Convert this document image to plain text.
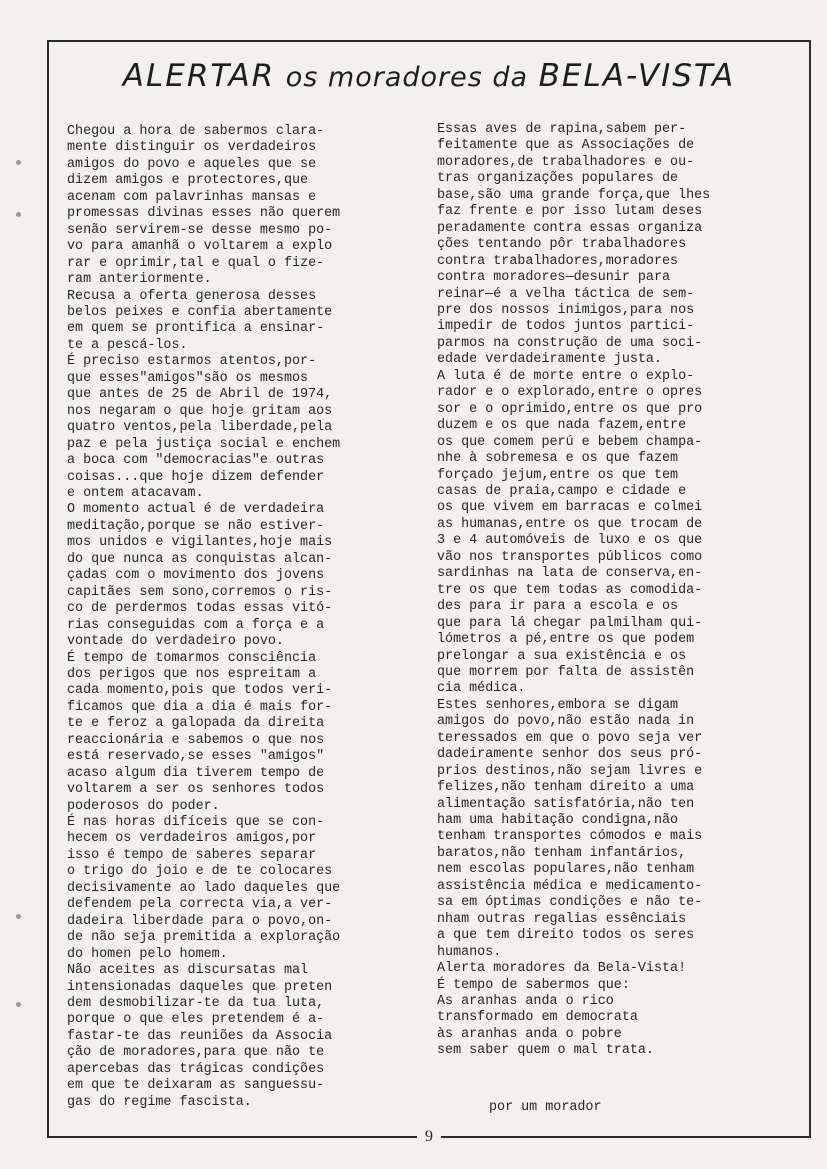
ALERTAR os moradores da BELA-VISTA

Chegou a hora de sabermos clara-

mente distinguir os verdadeiros

amigos do povo e aqueles que se

dizem amigos e protectores,que

acenam com palavrinhas mansas e

promessas divinas esses não querem

senão servirem-se desse mesmo po-

vo para amanhã o voltarem a explo

rar e oprimir,tal e qual o fize-

ram anteriormente.

Recusa a oferta generosa desses

belos peixes e confia abertamente

em quem se prontifica a ensinar-

te a pescá-los.

É preciso estarmos atentos,por-

que esses"amigos"são os mesmos

que antes de 25 de Abril de 1974,

nos negaram o que hoje gritam aos

quatro ventos,pela liberdade,pela

paz e pela justiça social e enchem

a boca com "democracias"e outras

coisas...que hoje dizem defender

e ontem atacavam.

O momento actual é de verdadeira

meditação,porque se não estiver-

mos unidos e vigilantes,hoje mais

do que nunca as conquistas alcan-

çadas com o movimento dos jovens

capitães sem sono,corremos o ris-

co de perdermos todas essas vitó-

rias conseguidas com a força e a

vontade do verdadeiro povo.

É tempo de tomarmos consciência

dos perigos que nos espreitam a

cada momento,pois que todos veri-

ficamos que dia a dia é mais for-

te e feroz a galopada da direita

reaccionária e sabemos o que nos

está reservado,se esses "amigos"

acaso algum dia tiverem tempo de

voltarem a ser os senhores todos

poderosos do poder.

É nas horas difíceis que se con-

hecem os verdadeiros amigos,por

isso é tempo de saberes separar

o trigo do joio e de te colocares

decisivamente ao lado daqueles que

defendem pela correcta via,a ver-

dadeira liberdade para o povo,on-

de não seja premitida a exploração

do homen pelo homem.

Não aceites as discursatas mal

intensionadas daqueles que preten

dem desmobilizar-te da tua luta,

porque o que eles pretendem é a-

fastar-te das reuniões da Associa

ção de moradores,para que não te

apercebas das trágicas condições

em que te deixaram as sanguessu-

gas do regime fascista.

Essas aves de rapina,sabem per-

feitamente que as Associações de

moradores,de trabalhadores e ou-

tras organizações populares de

base,são uma grande força,que lhes

faz frente e por isso lutam deses

peradamente contra essas organiza

ções tentando pôr trabalhadores

contra trabalhadores,moradores

contra moradores—desunir para

reinar—é a velha táctica de sem-

pre dos nossos inimigos,para nos

impedir de todos juntos partici-

parmos na construção de uma soci-

edade verdadeiramente justa.

A luta é de morte entre o explo-

rador e o explorado,entre o opres

sor e o oprimido,entre os que pro

duzem e os que nada fazem,entre

os que comem perú e bebem champa-

nhe à sobremesa e os que fazem

forçado jejum,entre os que tem

casas de praia,campo e cidade e

os que vivem em barracas e colmei

as humanas,entre os que trocam de

3 e 4 automóveis de luxo e os que

vão nos transportes públicos como

sardinhas na lata de conserva,en-

tre os que tem todas as comodida-

des para ir para a escola e os

que para lá chegar palmilham qui-

lómetros a pé,entre os que podem

prelongar a sua existência e os

que morrem por falta de assistên

cia médica.

Estes senhores,embora se digam

amigos do povo,não estão nada in

teressados em que o povo seja ver

dadeiramente senhor dos seus pró-

prios destinos,não sejam livres e

felizes,não tenham direito a uma

alimentação satisfatória,não ten

ham uma habitação condigna,não

tenham transportes cómodos e mais

baratos,não tenham infantários,

nem escolas populares,não tenham

assistência médica e medicamento-

sa em óptimas condições e não te-

nham outras regalias essênciais

a que tem direito todos os seres

humanos.

Alerta moradores da Bela-Vista!

É tempo de sabermos que:

As aranhas anda o rico

transformado em democrata

às aranhas anda o pobre

sem saber quem o mal trata.

por um morador
9
